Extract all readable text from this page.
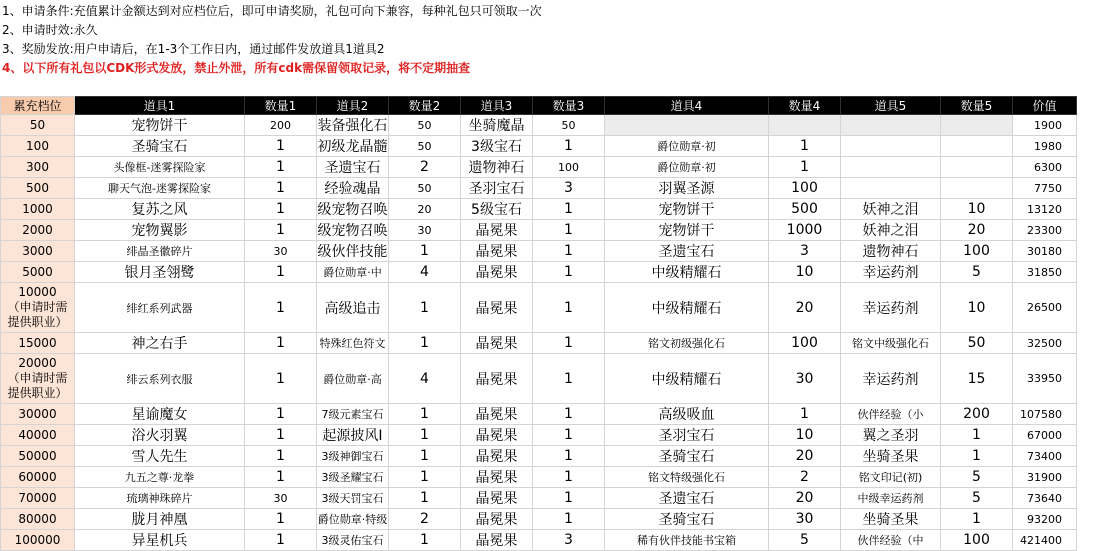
1、申请条件:充值累计金额达到对应档位后，即可申请奖励，礼包可向下兼容，每种礼包只可领取一次
2、申请时效:永久
3、奖励发放:用户申请后，在1-3个工作日内，通过邮件发放道具1道具2
4、以下所有礼包以CDK形式发放，禁止外泄，所有cdk需保留领取记录，将不定期抽查
累充档位	道具1	数量1	道具2	数量2	道具3	数量3	道具4	数量4	道具5	数量5	价值
50	宠物饼干	200	装备强化石	50	坐骑魔晶	50					1900
100	圣骑宝石	1	初级龙晶髓	50	3级宝石	1	爵位勋章·初	1			1980
300	头像框-迷雾探险家	1	圣遗宝石	2	遗物神石	100	爵位勋章·初	1			6300
500	聊天气泡-迷雾探险家	1	经验魂晶	50	圣羽宝石	3	羽翼圣源	100			7750
1000	复苏之风	1	级宠物召唤	20	5级宝石	1	宠物饼干	500	妖神之泪	10	13120
2000	宠物翼影	1	级宠物召唤	30	晶冕果	1	宠物饼干	1000	妖神之泪	20	23300
3000	绯晶圣徽碎片	30	级伙伴技能	1	晶冕果	1	圣遗宝石	3	遗物神石	100	30180
5000	银月圣翎鹭	1	爵位勋章·中	4	晶冕果	1	中级精耀石	10	幸运药剂	5	31850
10000
（申请时需
提供职业）	绯红系列武器	1	高级追击	1	晶冕果	1	中级精耀石	20	幸运药剂	10	26500
15000	神之右手	1	特殊红色符文	1	晶冕果	1	铭文初级强化石	100	铭文中级强化石	50	32500
20000
（申请时需
提供职业）	绯云系列衣服	1	爵位勋章·高	4	晶冕果	1	中级精耀石	30	幸运药剂	15	33950
30000	星谕魔女	1	7级元素宝石	1	晶冕果	1	高级吸血	1	伙伴经验（小	200	107580
40000	浴火羽翼	1	起源披风Ⅰ	1	晶冕果	1	圣羽宝石	10	翼之圣羽	1	67000
50000	雪人先生	1	3级神御宝石	1	晶冕果	1	圣骑宝石	20	坐骑圣果	1	73400
60000	九五之尊·龙拳	1	3级圣耀宝石	1	晶冕果	1	铭文特级强化石	2	铭文印记(初)	5	31900
70000	琉璃神珠碎片	30	3级天罚宝石	1	晶冕果	1	圣遗宝石	20	中级幸运药剂	5	73640
80000	胧月神凰	1	爵位勋章·特级	2	晶冕果	1	圣骑宝石	30	坐骑圣果	1	93200
100000	异星机兵	1	3级灵佑宝石	1	晶冕果	3	稀有伙伴技能书宝箱	5	伙伴经验（中	100	421400
